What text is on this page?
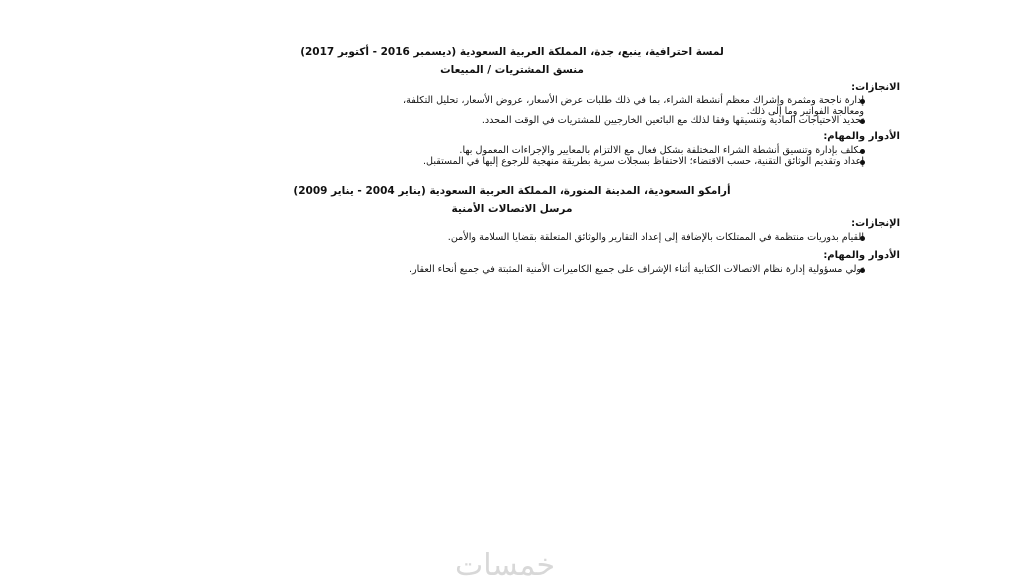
لمسة احترافية، ينبع، جدة، المملكة العربية السعودية (ديسمبر 2016 - أكتوبر 2017)
منسق المشتريات / المبيعات
الانجازات:
إدارة ناجحة ومثمرة وإشراك معظم أنشطة الشراء، بما في ذلك طلبات عرض الأسعار، عروض الأسعار، تحليل التكلفة،
ومعالجة الفواتير وما إلى ذلك.
تحديد الاحتياجات المادية وتنسيقها وفقا لذلك مع البائعين الخارجيين للمشتريات في الوقت المحدد.
الأدوار والمهام:
مكلف بإدارة وتنسيق أنشطة الشراء المختلفة بشكل فعال مع الالتزام بالمعايير والإجراءات المعمول بها.
إعداد وتقديم الوثائق التقنية، حسب الاقتضاء؛ الاحتفاظ بسجلات سرية بطريقة منهجية للرجوع إليها في المستقبل.
أرامكو السعودية، المدينة المنورة، المملكة العربية السعودية (يناير 2004 - يناير 2009)
مرسل الاتصالات الأمنية
الإنجازات:
القيام بدوريات منتظمة في الممتلكات بالإضافة إلى إعداد التقارير والوثائق المتعلقة بقضايا السلامة والأمن.
الأدوار والمهام:
تولي مسؤولية إدارة نظام الاتصالات الكتابية أثناء الإشراف على جميع الكاميرات الأمنية المثبتة في جميع أنحاء العقار.
خمسات
